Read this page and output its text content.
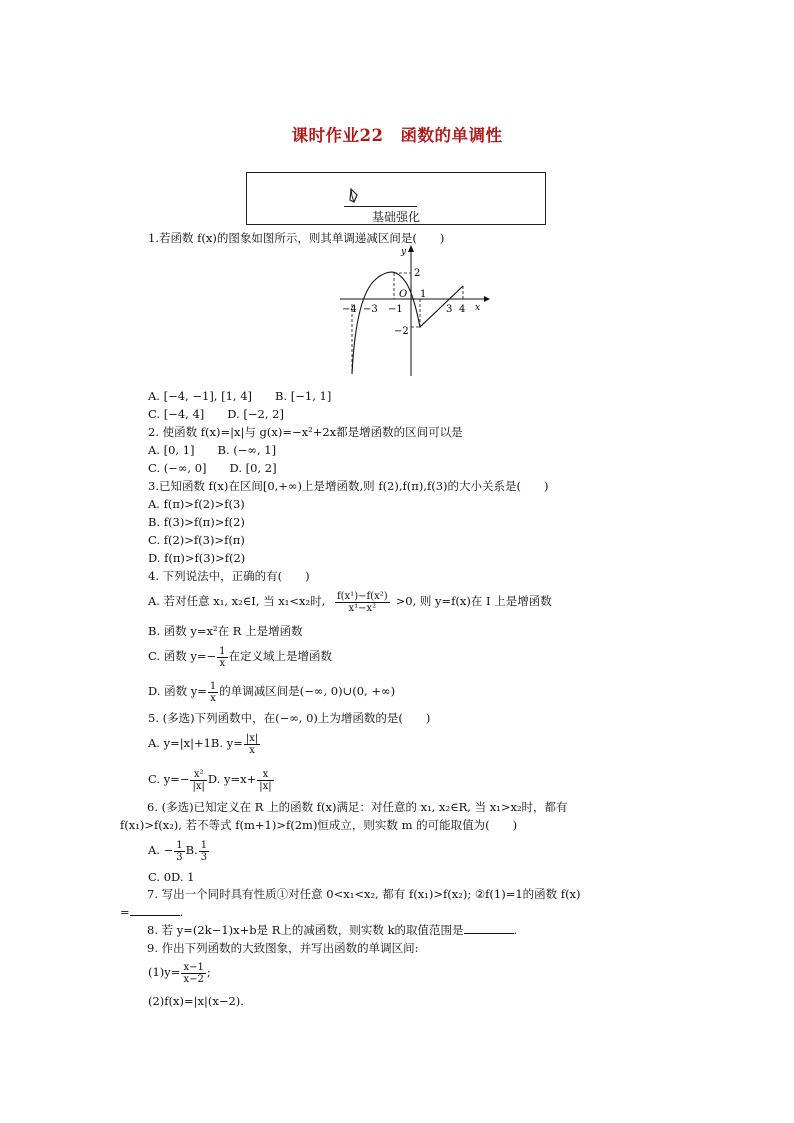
课时作业22　函数的单调性
基础强化
1.若函数 f(x)的图象如图所示，则其单调递减区间是(　　)
y
x
O
2
−2
−4 −3 −1
1
3 4
A. [−4, −1], [1, 4]　　B. [−1, 1]
C. [−4, 4]　　D. [−2, 2]
2. 使函数 f(x)=|x|与 g(x)=−x²+2x都是增函数的区间可以是
A. [0, 1]　　B. (−∞, 1]
C. (−∞, 0]　　D. [0, 2]
3.已知函数 f(x)在区间[0,+∞)上是增函数,则 f(2),f(π),f(3)的大小关系是(　　)
A. f(π)>f(2)>f(3)
B. f(3)>f(π)>f(2)
C. f(2)>f(3)>f(π)
D. f(π)>f(3)>f(2)
4. 下列说法中，正确的有(　　)
A. 若对任意 x₁, x₂∈I, 当 x₁<x₂时, $\frac{\text{f(x¹)−f(x²)}}{\text{x¹−x²}} >0$, 则 y=f(x)在 I 上是增函数
B. 函数 y=x²在 R 上是增函数
C. 函数 $y=- \frac{1}{x}$ 在定义域上是增函数
D. 函数 $y= \frac{1}{x}$ 的单调减区间是(−∞, 0)∪(0, +∞)
5. (多选)下列函数中，在(−∞, 0)上为增函数的是(　　)
A. y=|x|+1B. $y= \frac{|x|}{x}$
C. $y=- \frac{\text{x²}}{|x|} D$. $y=x+ \frac{x}{|x|}$
6. (多选)已知定义在 R 上的函数 f(x)满足：对任意的 x₁, x₂∈R, 当 x₁>x₂时，都有
f(x₁)>f(x₂), 若不等式 f(m+1)>f(2m)恒成立，则实数 m 的可能取值为(　　)
A. − $\frac{1}{3} B$. $\frac{1}{3}$
C. 0D. 1
7. 写出一个同时具有性质①对任意 0<x₁<x₂, 都有 f(x₁)>f(x₂); ②f(1)=1的函数 f(x)
=	.
8. 若 y=(2k−1)x+b是 R上的减函数，则实数 k的取值范围是	.
9. 作出下列函数的大致图象，并写出函数的单调区间:
$(1)y= \frac{x-1}{x-2}$ ;
(2)f(x)=|x|(x−2).
